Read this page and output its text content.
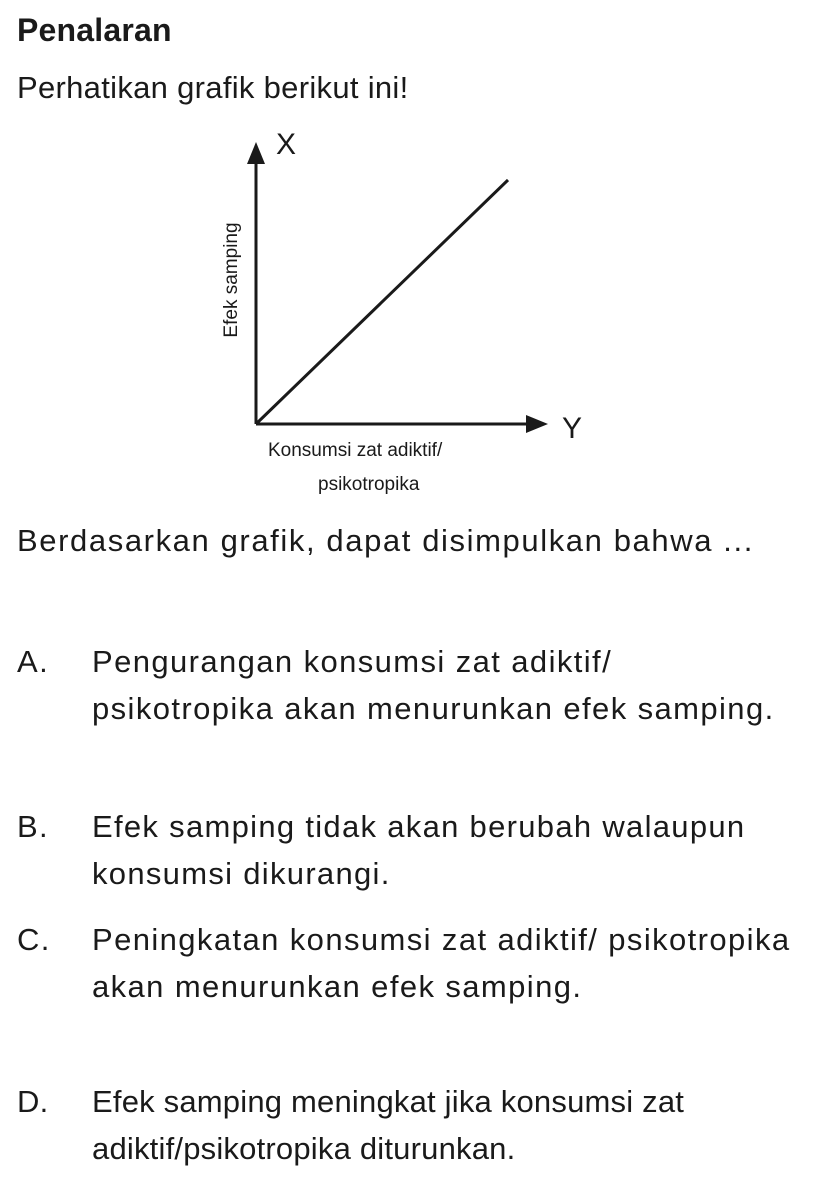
Penalaran
Perhatikan grafik berikut ini!
X
Y
Efek samping
Konsumsi zat adiktif/
psikotropika
Berdasarkan grafik, dapat disimpulkan bahwa ...
A.	Pengurangan konsumsi zat adiktif/ psikotropika akan menurunkan efek samping.
B.	Efek samping tidak akan berubah walaupun konsumsi dikurangi.
C.	Peningkatan konsumsi zat adiktif/ psikotropika akan menurunkan efek samping.
D.	Efek samping meningkat jika konsumsi zat adiktif/psikotropika diturunkan.
